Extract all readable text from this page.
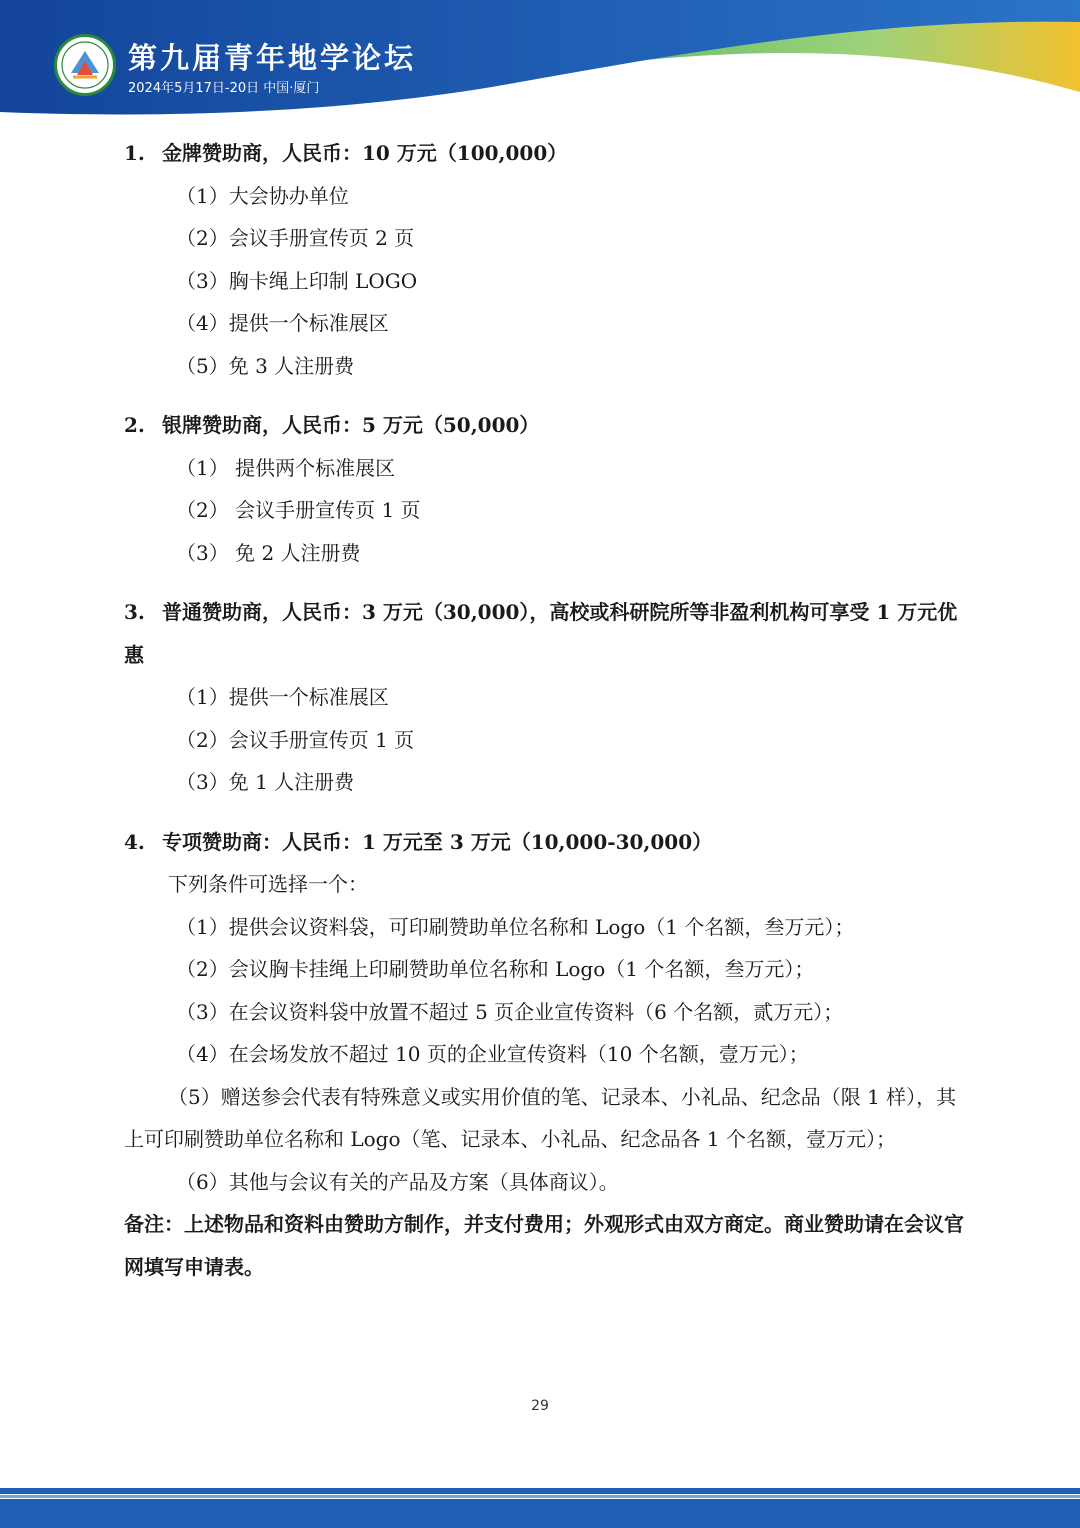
第九届青年地学论坛
2024年5月17日-20日 中国·厦门
1. 金牌赞助商，人民币：10 万元（100,000）
（1）大会协办单位
（2）会议手册宣传页 2 页
（3）胸卡绳上印制 LOGO
（4）提供一个标准展区
（5）免 3 人注册费
2. 银牌赞助商，人民币：5 万元（50,000）
（1） 提供两个标准展区
（2） 会议手册宣传页 1 页
（3） 免 2 人注册费
3. 普通赞助商，人民币：3 万元（30,000），高校或科研院所等非盈利机构可享受 1 万元优惠
（1）提供一个标准展区
（2）会议手册宣传页 1 页
（3）免 1 人注册费
4. 专项赞助商：人民币：1 万元至 3 万元（10,000-30,000）
下列条件可选择一个：
（1）提供会议资料袋，可印刷赞助单位名称和 Logo（1 个名额，叁万元）；
（2）会议胸卡挂绳上印刷赞助单位名称和 Logo（1 个名额，叁万元）；
（3）在会议资料袋中放置不超过 5 页企业宣传资料（6 个名额，贰万元）；
（4）在会场发放不超过 10 页的企业宣传资料（10 个名额，壹万元）；
（5）赠送参会代表有特殊意义或实用价值的笔、记录本、小礼品、纪念品（限 1 样），其上可印刷赞助单位名称和 Logo（笔、记录本、小礼品、纪念品各 1 个名额，壹万元）；
（6）其他与会议有关的产品及方案（具体商议）。
备注：上述物品和资料由赞助方制作，并支付费用；外观形式由双方商定。商业赞助请在会议官网填写申请表。
29
